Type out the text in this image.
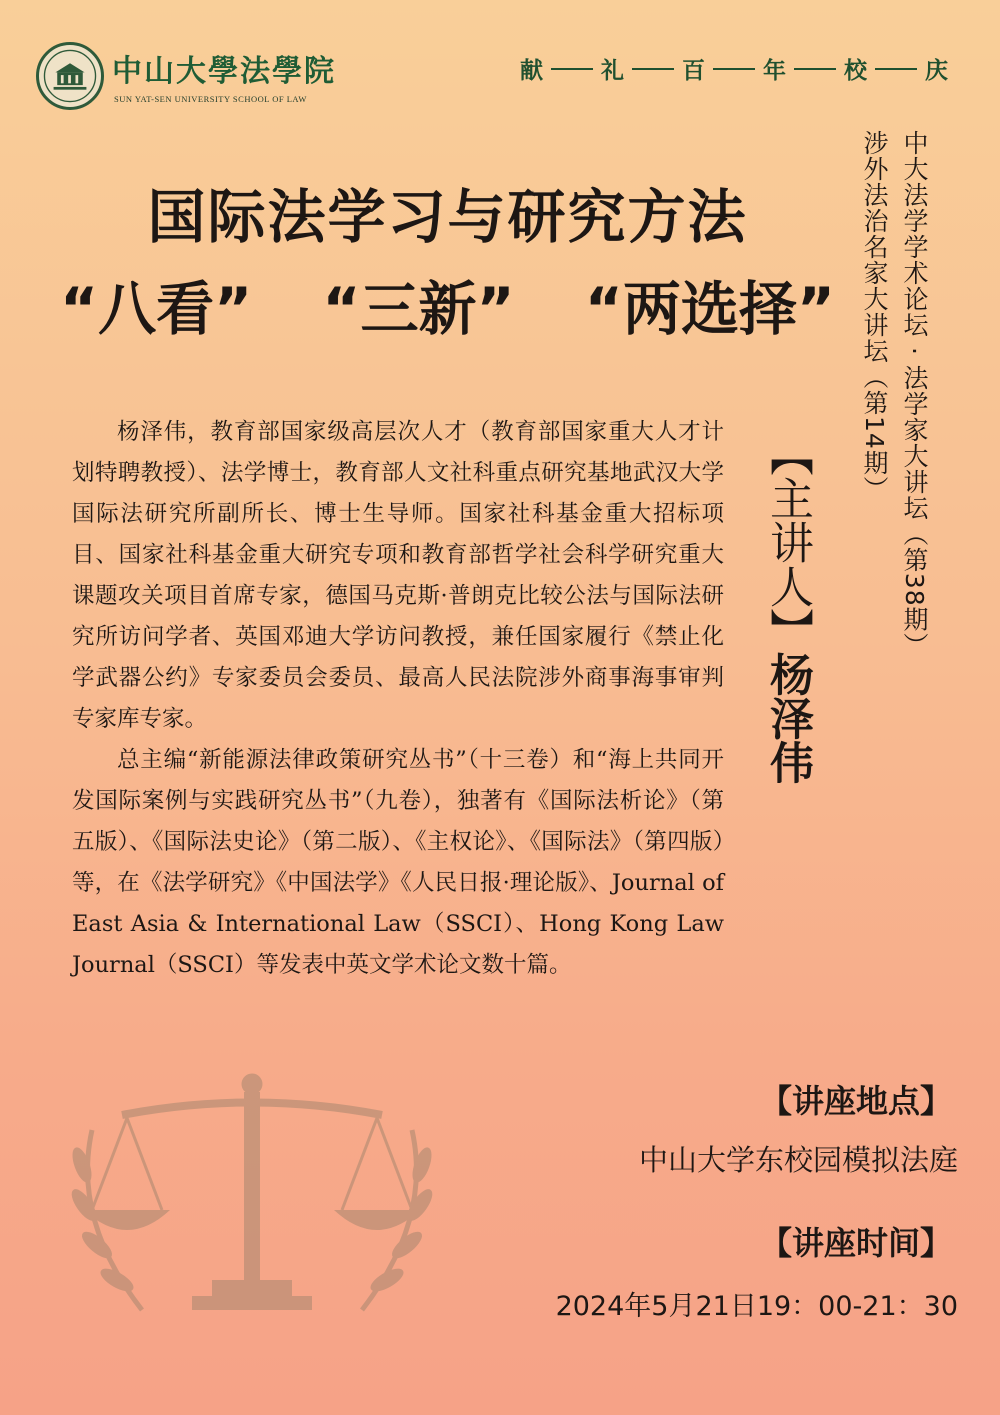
中山大學法學院
SUN YAT-SEN UNIVERSITY SCHOOL OF LAW
献	礼	百	年	校	庆
国际法学习与研究方法
“八看” “三新” “两选择”	中大法学学术论坛 · 法学家大讲坛（第38期）
涉外法治名家大讲坛（第14期）

杨泽伟，教育部国家级高层次人才（教育部国家重大人才计划特聘教授）、法学博士，教育部人文社科重点研究基地武汉大学国际法研究所副所长、博士生导师。国家社科基金重大招标项目、国家社科基金重大研究专项和教育部哲学社会科学研究重大课题攻关项目首席专家，德国马克斯·普朗克比较公法与国际法研究所访问学者、英国邓迪大学访问教授，兼任国家履行《禁止化学武器公约》专家委员会委员、最高人民法院涉外商事海事审判专家库专家。

总主编“新能源法律政策研究丛书”（十三卷）和“海上共同开发国际案例与实践研究丛书”（九卷），独著有《国际法析论》（第五版）、《国际法史论》（第二版）、《主权论》、《国际法》（第四版）等，在《法学研究》《中国法学》《人民日报·理论版》、Journal of East Asia & International Law（SSCI）、Hong Kong Law Journal（SSCI）等发表中英文学术论文数十篇。

【主讲人】杨泽伟
【讲座地点】
中山大学东校园模拟法庭
【讲座时间】
2024年5月21日19：00-21：30
